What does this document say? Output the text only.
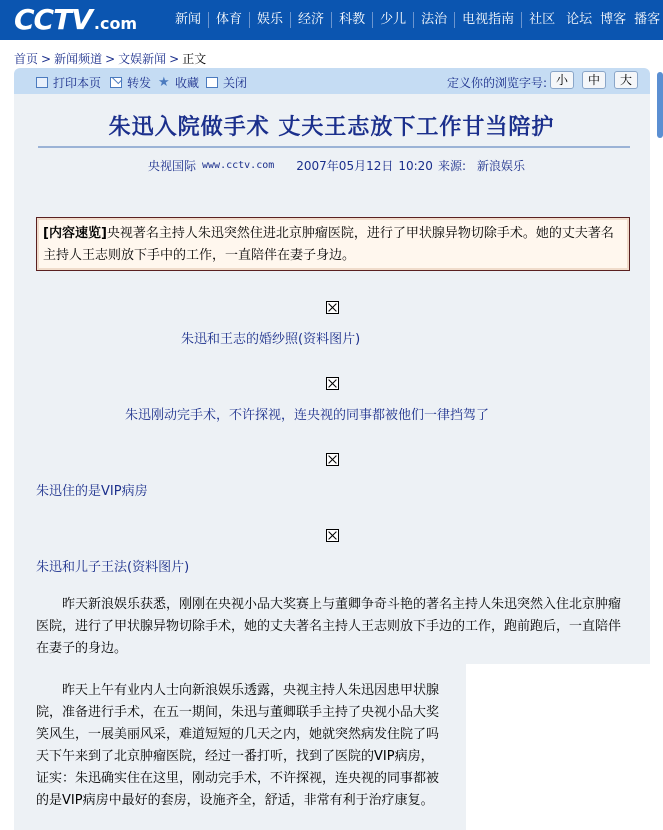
CCTV .com	新闻	体育	娱乐	经济	科教	少儿	法治	电视指南	社区 论坛 博客 播客
首页 > 新闻频道 > 文娱新闻 > 正文
打印本页 转发 ★ 收藏 关闭	定义你的浏览字号: 小	中	大
朱迅入院做手术 丈夫王志放下工作甘当陪护
央视国际 www.cctv.com 2007年05月12日 10:20 来源: 新浪娱乐
[内容速览]央视著名主持人朱迅突然住进北京肿瘤医院，进行了甲状腺异物切除手术。她的丈夫著名主持人王志则放下手中的工作，一直陪伴在妻子身边。
朱迅和王志的婚纱照(资料图片)
朱迅刚动完手术，不许探视，连央视的同事都被他们一律挡驾了
朱迅住的是VIP病房
朱迅和儿子王法(资料图片)

昨天新浪娱乐获悉，刚刚在央视小品大奖赛上与董卿争奇斗艳的著名主持人朱迅突然入住北京肿瘤医院，进行了甲状腺异物切除手术，她的丈夫著名主持人王志则放下手边的工作，跑前跑后，一直陪伴在妻子的身边。

昨天上午有业内人士向新浪娱乐透露，央视主持人朱迅因患甲状腺
院，准备进行手术，在五一期间，朱迅与董卿联手主持了央视小品大奖
笑风生，一展美丽风采，难道短短的几天之内，她就突然病发住院了吗
天下午来到了北京肿瘤医院，经过一番打听，找到了医院的VIP病房，
证实：朱迅确实住在这里，刚动完手术，不许探视，连央视的同事都被
的是VIP病房中最好的套房，设施齐全，舒适，非常有利于治疗康复。
